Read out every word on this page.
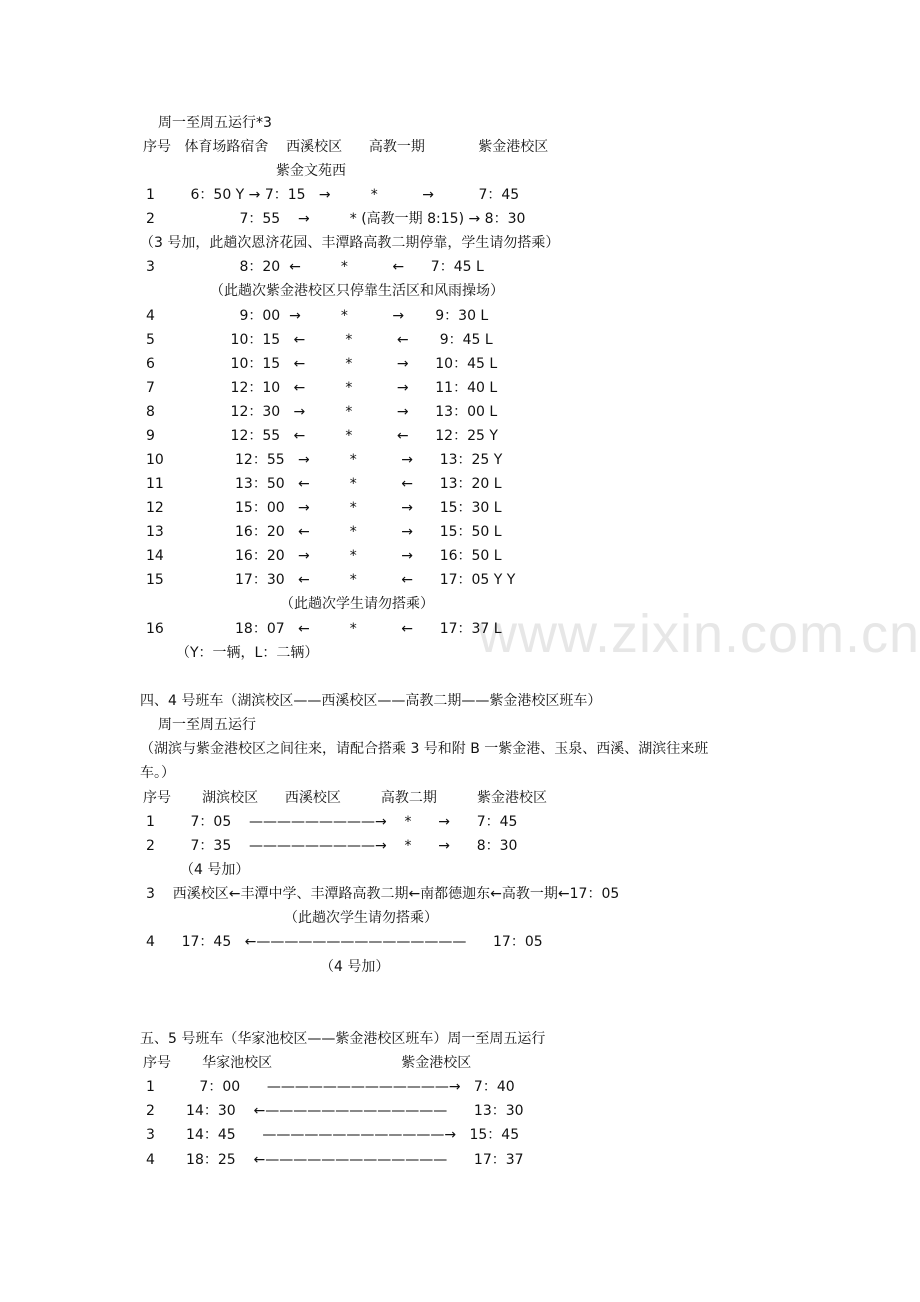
www.zixin.com.cn
周一至周五运行*3
序号   体育场路宿舍    西溪校区      高教一期            紫金港校区
紫金文苑西
1        6：50 Y → 7：15   →         *          →          7：45
2                   7：55    →         * (高教一期 8:15) → 8：30
（3 号加，此趟次恩济花园、丰潭路高教二期停靠，学生请勿搭乘）
3                   8：20  ←         *          ←      7：45 L
（此趟次紫金港校区只停靠生活区和风雨操场）
4                   9：00  →         *          →       9：30 L
5                 10：15   ←         *          ←       9：45 L
6                 10：15   ←         *          →      10：45 L
7                 12：10   ←         *          →      11：40 L
8                 12：30   →         *          →      13：00 L
9                 12：55   ←         *          ←      12：25 Y
10                12：55   →         *          →      13：25 Y
11                13：50   ←         *          ←      13：20 L
12                15：00   →         *          →      15：30 L
13                16：20   ←         *          →      15：50 L
14                16：20   →         *          →      16：50 L
15                17：30   ←         *          ←      17：05 Y Y
（此趟次学生请勿搭乘）
16                18：07   ←         *          ←      17：37 L
（Y：一辆，L：二辆）
四、4 号班车（湖滨校区——西溪校区——高教二期——紫金港校区班车）
周一至周五运行
（湖滨与紫金港校区之间往来，请配合搭乘 3 号和附 B 一紫金港、玉泉、西溪、湖滨往来班
车。）
序号       湖滨校区      西溪校区         高教二期         紫金港校区
1        7：05    —————————→    *      →      7：45
2        7：35    —————————→    *      →      8：30
（4 号加）
3    西溪校区←丰潭中学、丰潭路高教二期←南都德迦东←高教一期←17：05
（此趟次学生请勿搭乘）
4      17：45   ←———————————————      17：05
（4 号加）
五、5 号班车（华家池校区——紫金港校区班车）周一至周五运行
序号       华家池校区                             紫金港校区
1          7：00      —————————————→   7：40
2       14：30    ←—————————————      13：30
3       14：45      —————————————→   15：45
4       18：25    ←—————————————      17：37
